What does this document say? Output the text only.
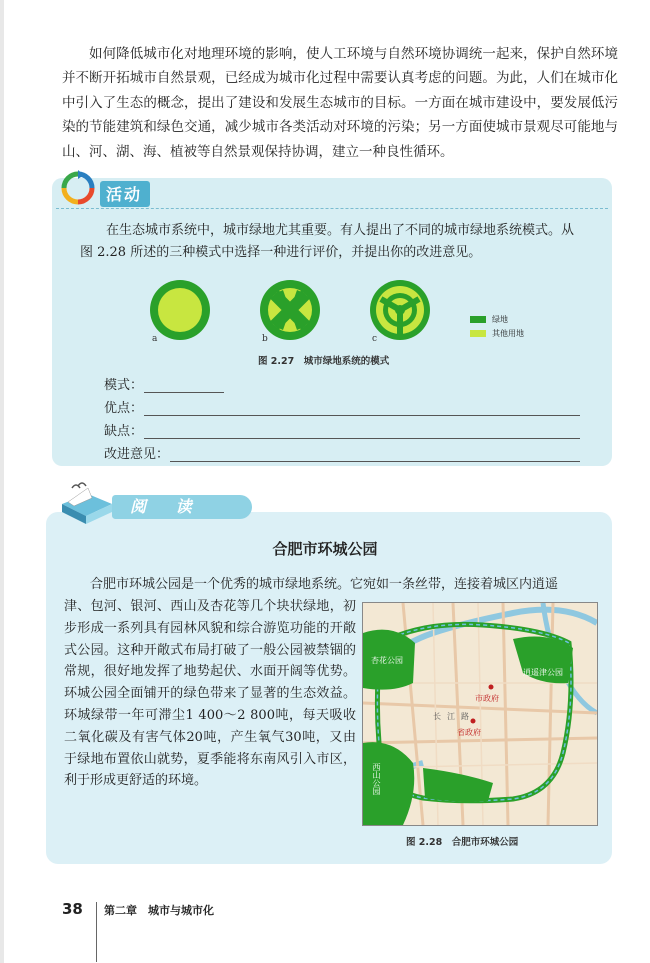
如何降低城市化对地理环境的影响，使人工环境与自然环境协调统一起来，保护自然环境并不断开拓城市自然景观，已经成为城市化过程中需要认真考虑的问题。为此，人们在城市化中引入了生态的概念，提出了建设和发展生态城市的目标。一方面在城市建设中，要发展低污染的节能建筑和绿色交通，减少城市各类活动对环境的污染；另一方面使城市景观尽可能地与山、河、湖、海、植被等自然景观保持协调，建立一种良性循环。
活动
在生态城市系统中，城市绿地尤其重要。有人提出了不同的城市绿地系统模式。从图 2.28 所述的三种模式中选择一种进行评价，并提出你的改进意见。
a	b	c
绿地
其他用地
图 2.27　城市绿地系统的模式
模式：
优点：
缺点：
改进意见：
阅 读
合肥市环城公园
合肥市环城公园是一个优秀的城市绿地系统。它宛如一条丝带，连接着城区内逍遥
津、包河、银河、西山及杏花等几个块状绿地，初步形成一系列具有园林风貌和综合游览功能的开敞式公园。这种开敞式布局打破了一般公园被禁锢的常规，很好地发挥了地势起伏、水面开阔等优势。环城公园全面铺开的绿色带来了显著的生态效益。环城绿带一年可滞尘1 400～2 800吨，每天吸收二氧化碳及有害气体20吨，产生氧气30吨，又由于绿地布置依山就势，夏季能将东南风引入市区，利于形成更舒适的环境。
杏花公园
逍遥津公园
市政府
省政府
西山公园
长 江 路
图 2.28　合肥市环城公园
38 第二章　城市与城市化
